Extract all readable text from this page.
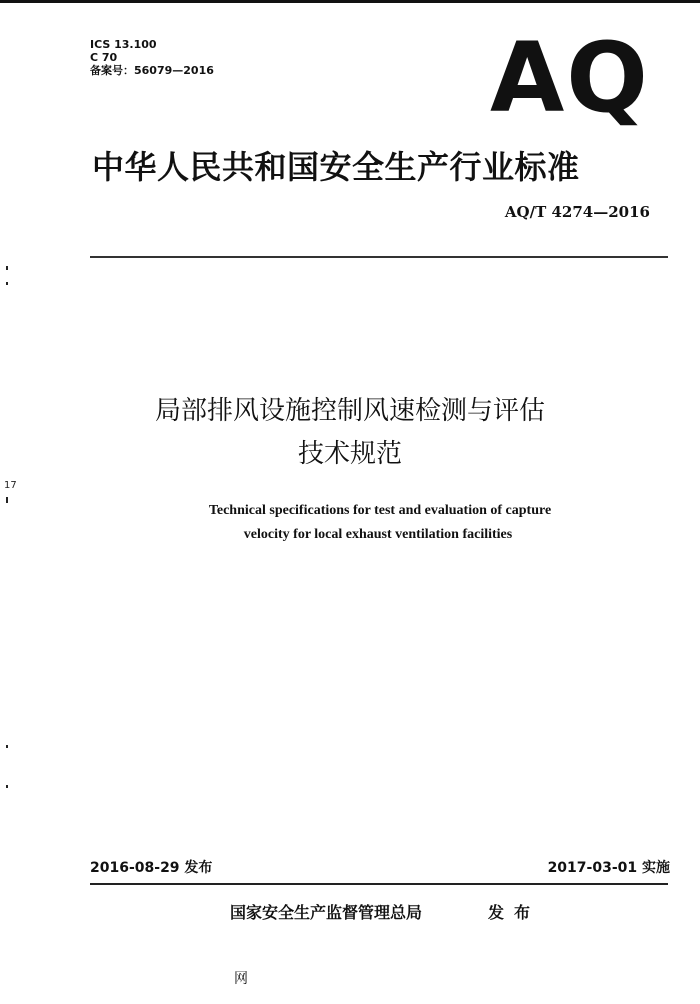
ICS 13.100
C 70
备案号：56079—2016	AQ
中华人民共和国安全生产行业标准
AQ/T 4274—2016
局部排风设施控制风速检测与评估
技术规范
Technical specifications for test and evaluation of capture
velocity for local exhaust ventilation facilities
2016-08-29 发布	2017-03-01 实施
国家安全生产监督管理总局	发布
网
17
